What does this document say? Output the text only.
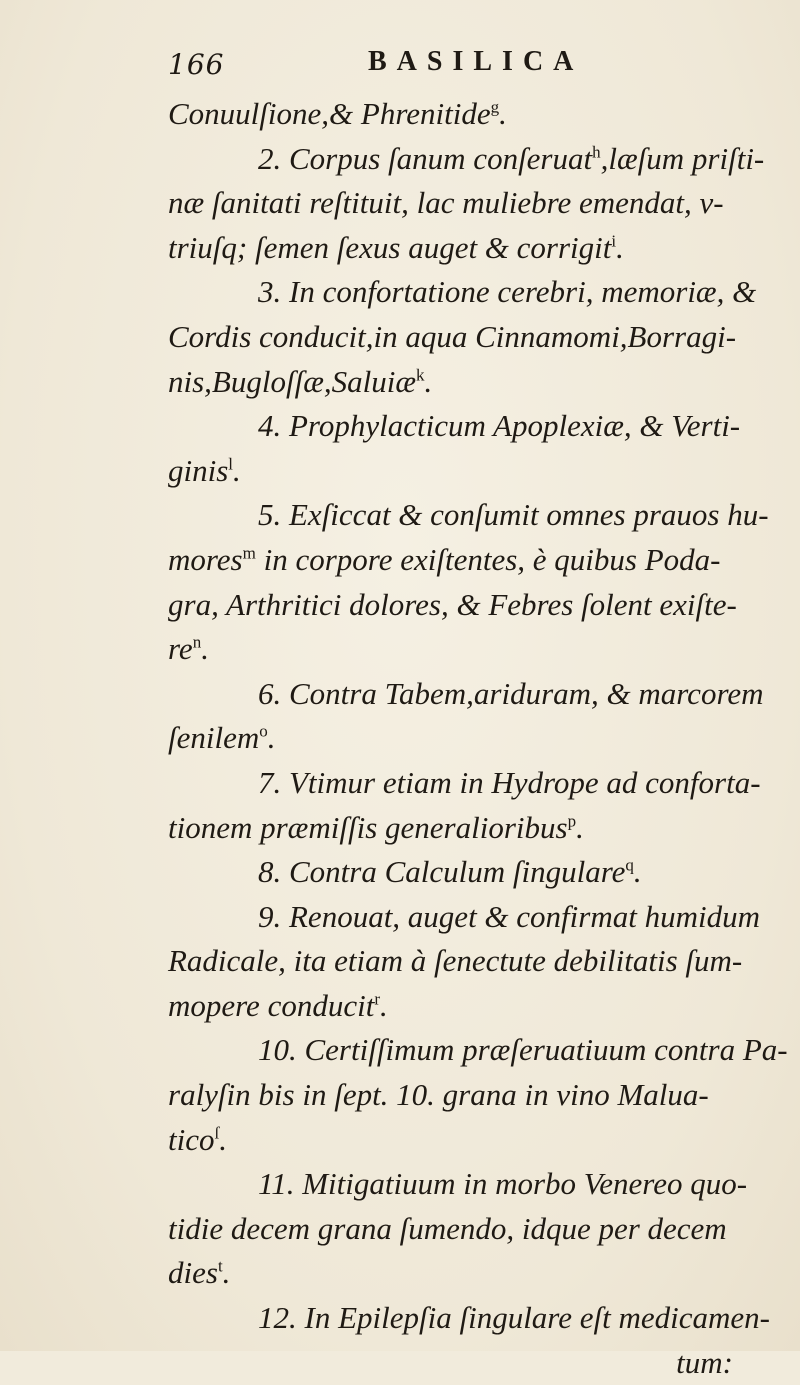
166	BASILICA
Conuulſione,& Phrenitide$^g$.
2. Corpus ſanum conſeruat$^h$,læſum priſti-
næ ſanitati reſtituit, lac muliebre emendat, v-
triuſq; ſemen ſexus auget & corrigit$^i$.
3. In confortatione cerebri, memoriæ, &
Cordis conducit,in aqua Cinnamomi,Borragi-
nis,Bugloſſæ,Saluiæ$^k$.
4. Prophylacticum Apoplexiæ, & Verti-
ginis$^l$.
5. Exſiccat & conſumit omnes prauos hu-
mores$^m$ in corpore exiſtentes, è quibus Poda-
gra, Arthritici dolores, & Febres ſolent exiſte-
$re^n$.
6. Contra Tabem,ariduram, & marcorem
ſenilem$^o$.
7. Vtimur etiam in Hydrope ad conforta-
tionem præmiſſis generalioribus$^p$.
8. Contra Calculum ſingulare$^q$.
9. Renouat, auget & confirmat humidum
Radicale, ita etiam à ſenectute debilitatis ſum-
mopere conducit$^r$.
10. Certiſſimum præſeruatiuum contra Pa-
ralyſin bis in ſept. 10. grana in vino Malua-
tico$^ſ$.
11. Mitigatiuum in morbo Venereo quo-
tidie decem grana ſumendo, idque per decem
dies$^t$.
12. In Epilepſia ſingulare eſt medicamen-
tum:
